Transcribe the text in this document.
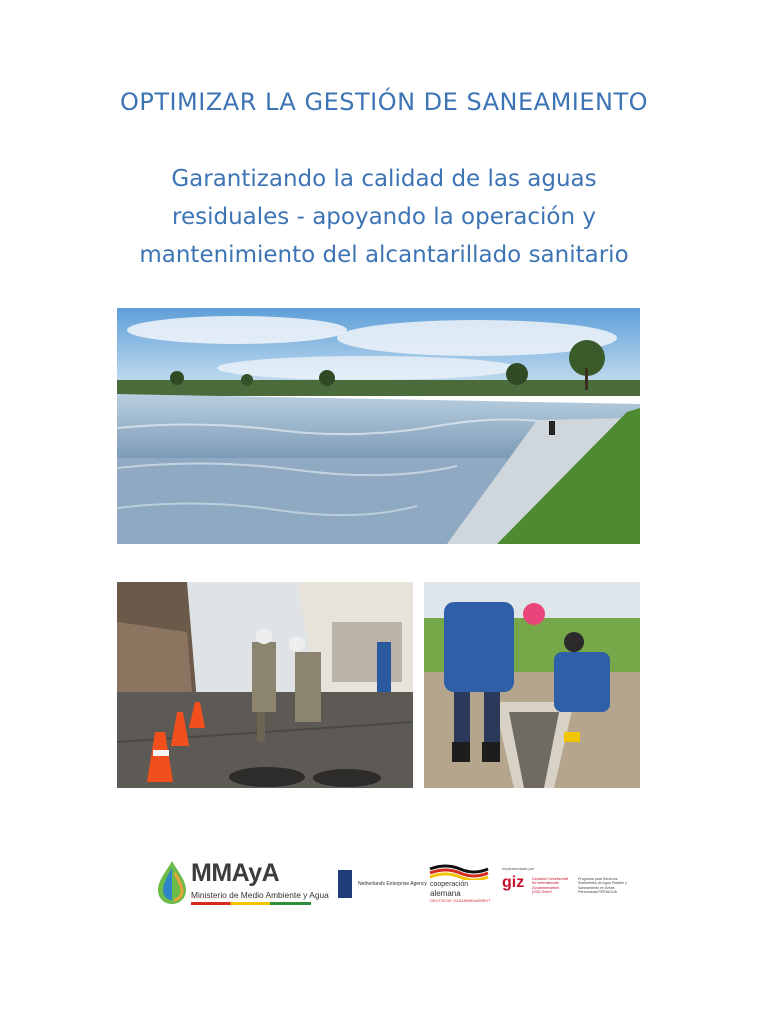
OPTIMIZAR LA GESTIÓN DE SANEAMIENTO
Garantizando la calidad de las aguas
residuales - apoyando la operación y
mantenimiento del alcantarillado sanitario
MMAyA
Ministerio de Medio Ambiente y Agua
Netherlands Enterprise Agency cooperación
alemana
DEUTSCHE ZUSAMMENARBEIT
Implementada por
giz Deutsche Gesellschaft für Internationale Zusammenarbeit (GIZ) GmbH
Programa para Servicios Sostenibles de Agua Potable y Saneamiento en Áreas Periurbanas PERIAGUA
